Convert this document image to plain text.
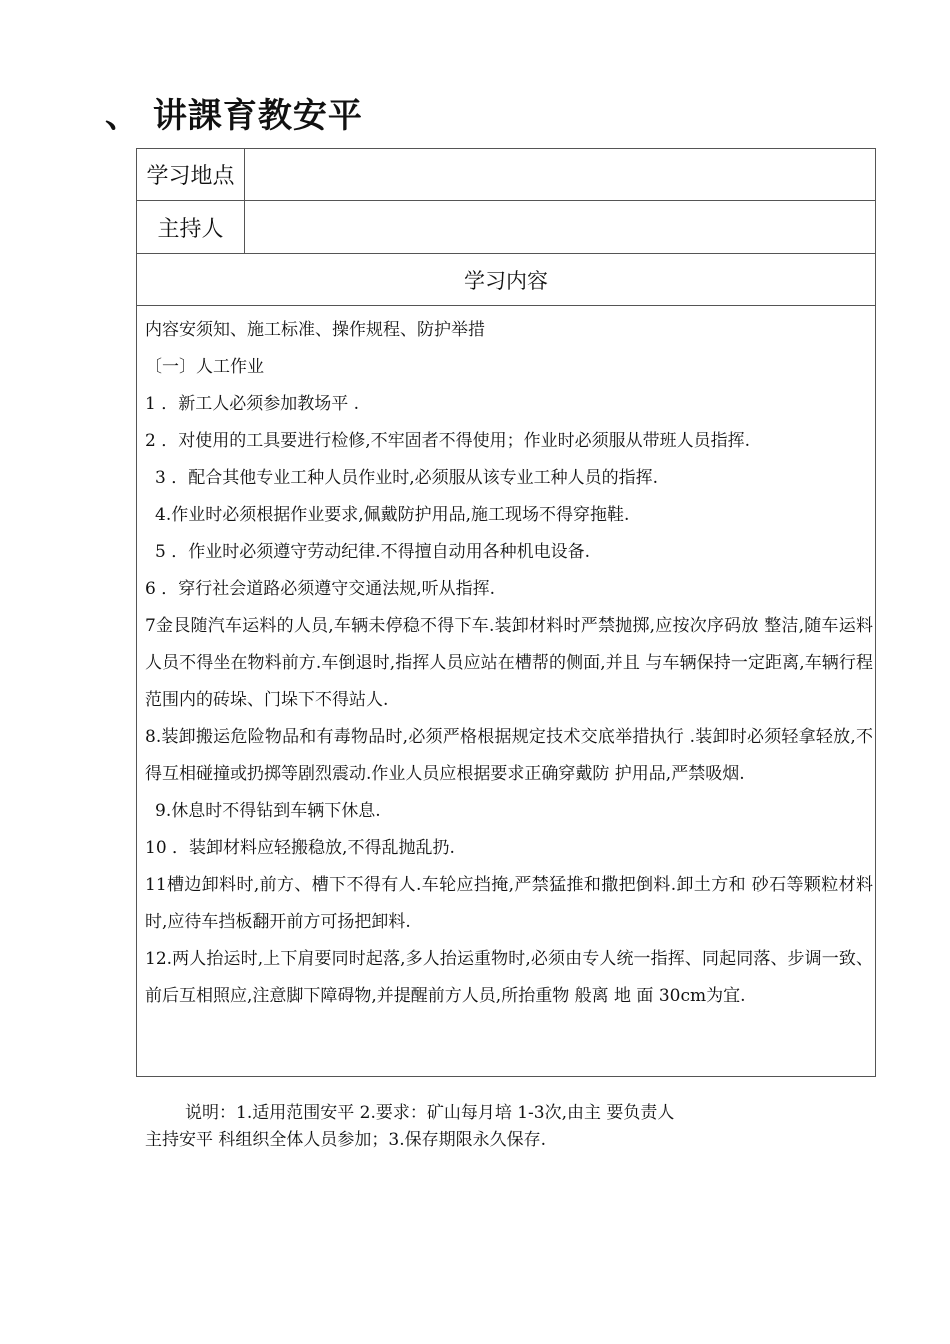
、 讲課育教安平
学习地点
主持人
学习内容
内容安须知、施工标准、操作规程、防护举措
〔一〕人工作业
1 ．新工人必须参加教场平 .
2 ．对使用的工具要进行检修,不牢固者不得使用；作业时必须服从带班人员指挥.
3 ．配合其他专业工种人员作业时,必须服从该专业工种人员的指挥.
4.作业时必须根据作业要求,佩戴防护用品,施工现场不得穿拖鞋.
5 ．作业时必须遵守劳动纪律.不得擅自动用各种机电设备.
6 ．穿行社会道路必须遵守交通法规,听从指挥.
7金艮随汽车运料的人员,车辆未停稳不得下车.装卸材料时严禁抛掷,应按次序码放 整洁,随车运料人员不得坐在物料前方.车倒退时,指挥人员应站在槽帮的侧面,并且 与车辆保持一定距离,车辆行程范围内的砖垛、门垛下不得站人.
8.装卸搬运危险物品和有毒物品时,必须严格根据规定技术交底举措执行 .装卸时必须轻拿轻放,不得互相碰撞或扔掷等剧烈震动.作业人员应根据要求正确穿戴防 护用品,严禁吸烟.
9.休息时不得钻到车辆下休息.
10 ．装卸材料应轻搬稳放,不得乱抛乱扔.
11槽边卸料时,前方、槽下不得有人.车轮应挡掩,严禁猛推和撒把倒料.卸土方和 砂石等颗粒材料时,应待车挡板翻开前方可扬把卸料.
12.两人抬运时,上下肩要同时起落,多人抬运重物时,必须由专人统一指挥、同起同落、步调一致、前后互相照应,注意脚下障碍物,并提醒前方人员,所抬重物 般离 地 面 30cm为宜.
说明：1.适用范围安平 2.要求：矿山每月培 1-3次,由主 要负责人
主持安平 科组织全体人员参加；3.保存期限永久保存.
